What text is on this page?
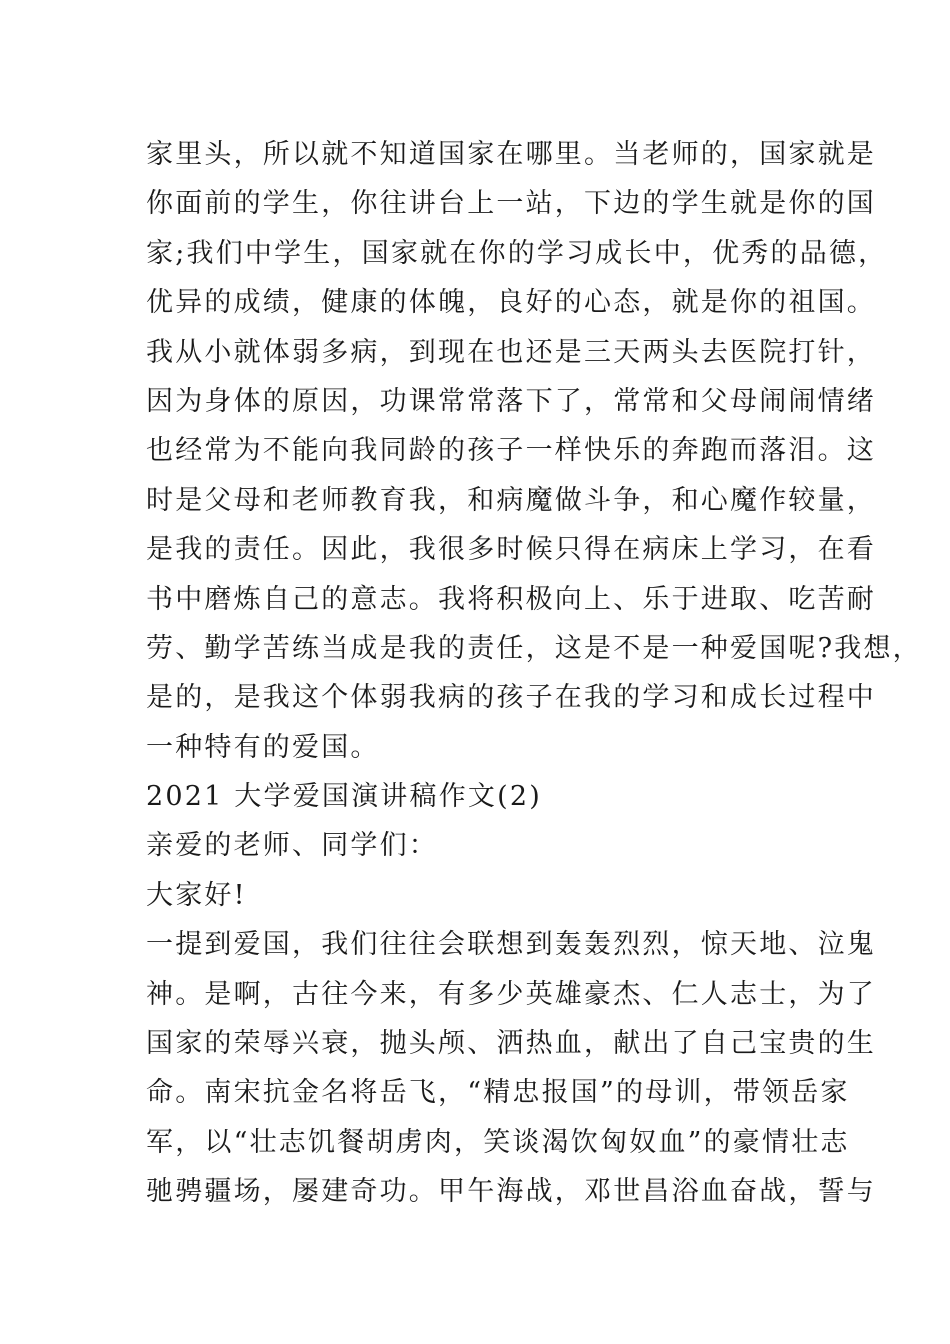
家里头，所以就不知道国家在哪里。当老师的，国家就是
你面前的学生，你往讲台上一站，下边的学生就是你的国
家;我们中学生，国家就在你的学习成长中，优秀的品德，
优异的成绩，健康的体魄，良好的心态，就是你的祖国。
我从小就体弱多病，到现在也还是三天两头去医院打针，
因为身体的原因，功课常常落下了，常常和父母闹闹情绪
也经常为不能向我同龄的孩子一样快乐的奔跑而落泪。这
时是父母和老师教育我，和病魔做斗争，和心魔作较量，
是我的责任。因此，我很多时候只得在病床上学习，在看
书中磨炼自己的意志。我将积极向上、乐于进取、吃苦耐
劳、勤学苦练当成是我的责任，这是不是一种爱国呢?我想，
是的，是我这个体弱我病的孩子在我的学习和成长过程中
一种特有的爱国。
2021 大学爱国演讲稿作文(2)
亲爱的老师、同学们：
大家好!
一提到爱国，我们往往会联想到轰轰烈烈，惊天地、泣鬼
神。是啊，古往今来，有多少英雄豪杰、仁人志士，为了
国家的荣辱兴衰，抛头颅、洒热血，献出了自己宝贵的生
命。南宋抗金名将岳飞，“精忠报国”的母训，带领岳家
军，以“壮志饥餐胡虏肉，笑谈渴饮匈奴血”的豪情壮志
驰骋疆场，屡建奇功。甲午海战，邓世昌浴血奋战，誓与
